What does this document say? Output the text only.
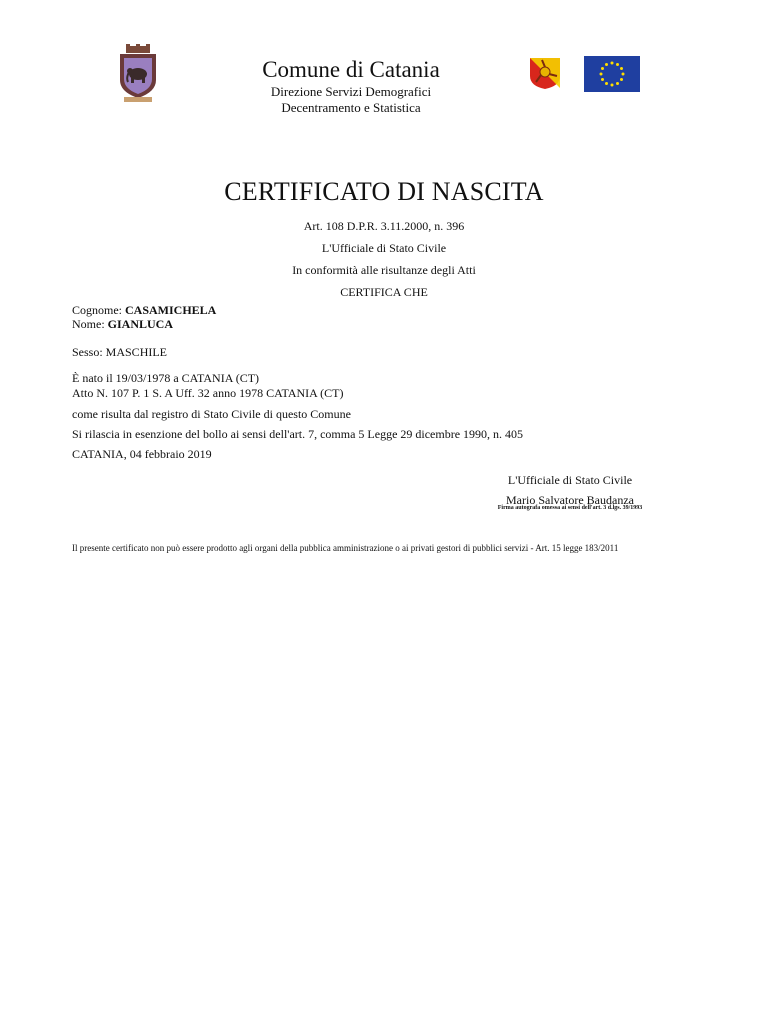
Comune di Catania
Direzione Servizi Demografici
Decentramento e Statistica
CERTIFICATO DI NASCITA
Art. 108 D.P.R. 3.11.2000, n. 396
L'Ufficiale di Stato Civile
In conformità alle risultanze degli Atti
CERTIFICA CHE
Cognome: CASAMICHELA
Nome: GIANLUCA
Sesso: MASCHILE
È nato il 19/03/1978 a CATANIA (CT)
Atto N. 107 P. 1 S. A Uff. 32 anno 1978 CATANIA (CT)
come risulta dal registro di Stato Civile di questo Comune
Si rilascia in esenzione del bollo ai sensi dell'art. 7, comma 5 Legge 29 dicembre 1990, n. 405
CATANIA, 04 febbraio 2019
L'Ufficiale di Stato Civile
Mario Salvatore Baudanza
Firma autografa omessa ai sensi dell'art. 3 d.lgs. 39/1993
Il presente certificato non può essere prodotto agli organi della pubblica amministrazione o ai privati gestori di pubblici servizi - Art. 15 legge 183/2011
